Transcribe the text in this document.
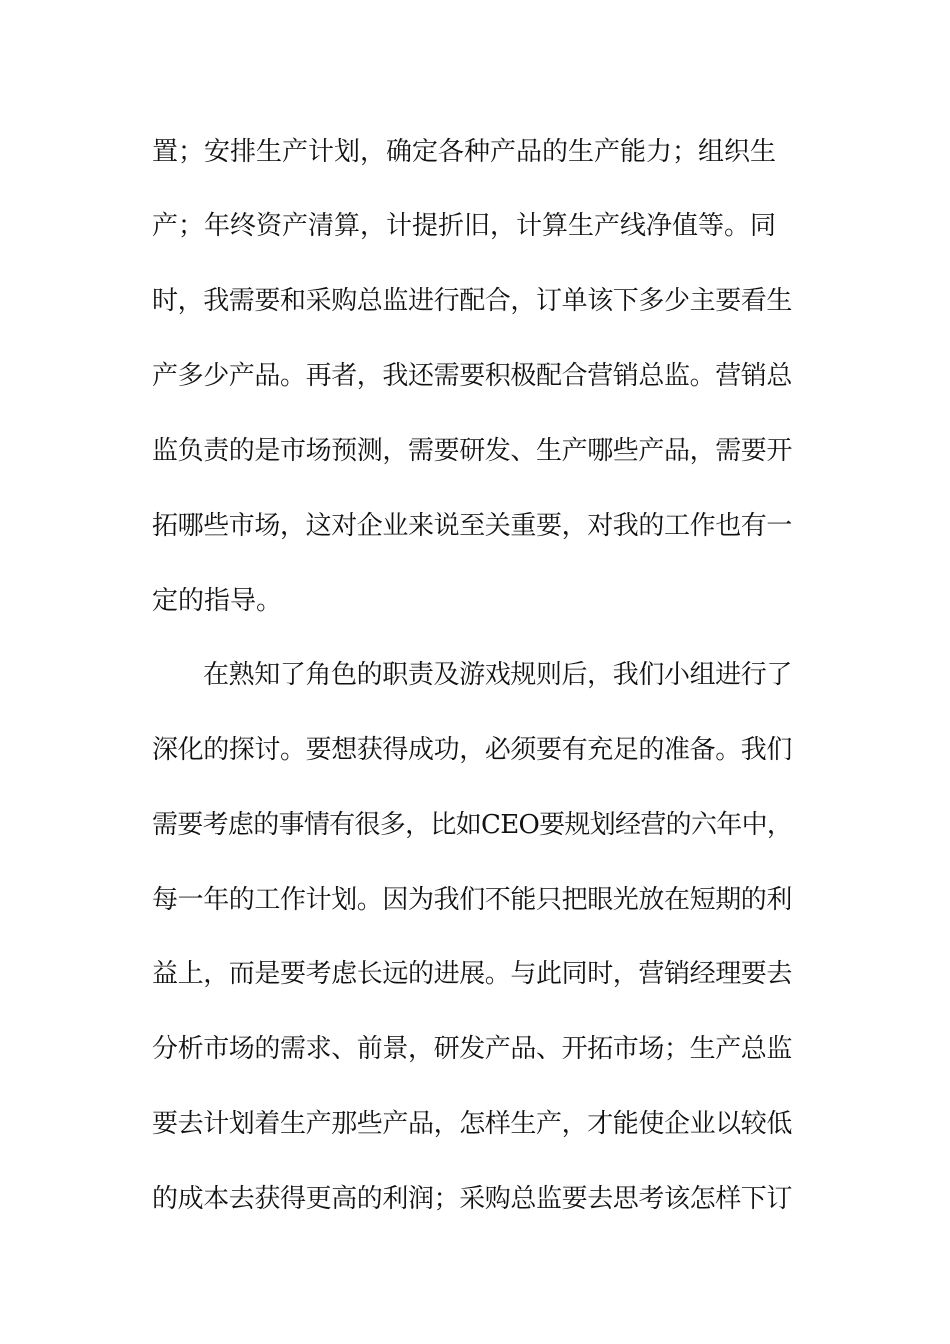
置；安排生产计划，确定各种产品的生产能力；组织生
产；年终资产清算，计提折旧，计算生产线净值等。同
时，我需要和采购总监进行配合，订单该下多少主要看生
产多少产品。再者，我还需要积极配合营销总监。营销总
监负责的是市场预测，需要研发、生产哪些产品，需要开
拓哪些市场，这对企业来说至关重要，对我的工作也有一
定的指导。
在熟知了角色的职责及游戏规则后，我们小组进行了
深化的探讨。要想获得成功，必须要有充足的准备。我们
需要考虑的事情有很多，比如CEO要规划经营的六年中，
每一年的工作计划。因为我们不能只把眼光放在短期的利
益上，而是要考虑长远的进展。与此同时，营销经理要去
分析市场的需求、前景，研发产品、开拓市场；生产总监
要去计划着生产那些产品，怎样生产，才能使企业以较低
的成本去获得更高的利润；采购总监要去思考该怎样下订
